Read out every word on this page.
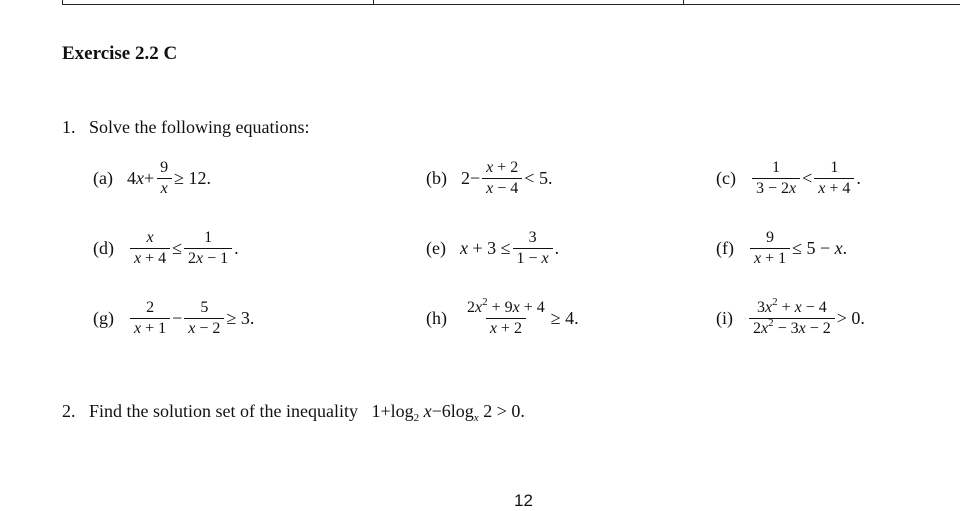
Exercise 2.2 C
1. Solve the following equations:
(a) $4x+ \frac{9}{x} \ge 12$.	(b) $2- \frac{x + 2}{x - 4} < 5$.	$(c) \frac{1}{3 - 2x} < \frac{1}{x + 4}$ .
$(d) \frac{x}{x + 4} \le \frac{1}{2x - 1}$ .	(e) $x + 3 \le \frac{3}{1 - x}$ .	$(f) \frac{9}{x + 1} \le 5 - x$.
$(g) \frac{2}{x + 1} - \frac{5}{x - 2} \ge 3$.	$(h) \frac{2x^2 + 9x + 4}{x + 2} \ge 4$.	$(i) \frac{3x^2 + x - 4}{2x^2 - 3x - 2} > 0$.
2. Find the solution set of the inequality $1+\log_2$ $x-6\log_x$ 2 > 0.
12
